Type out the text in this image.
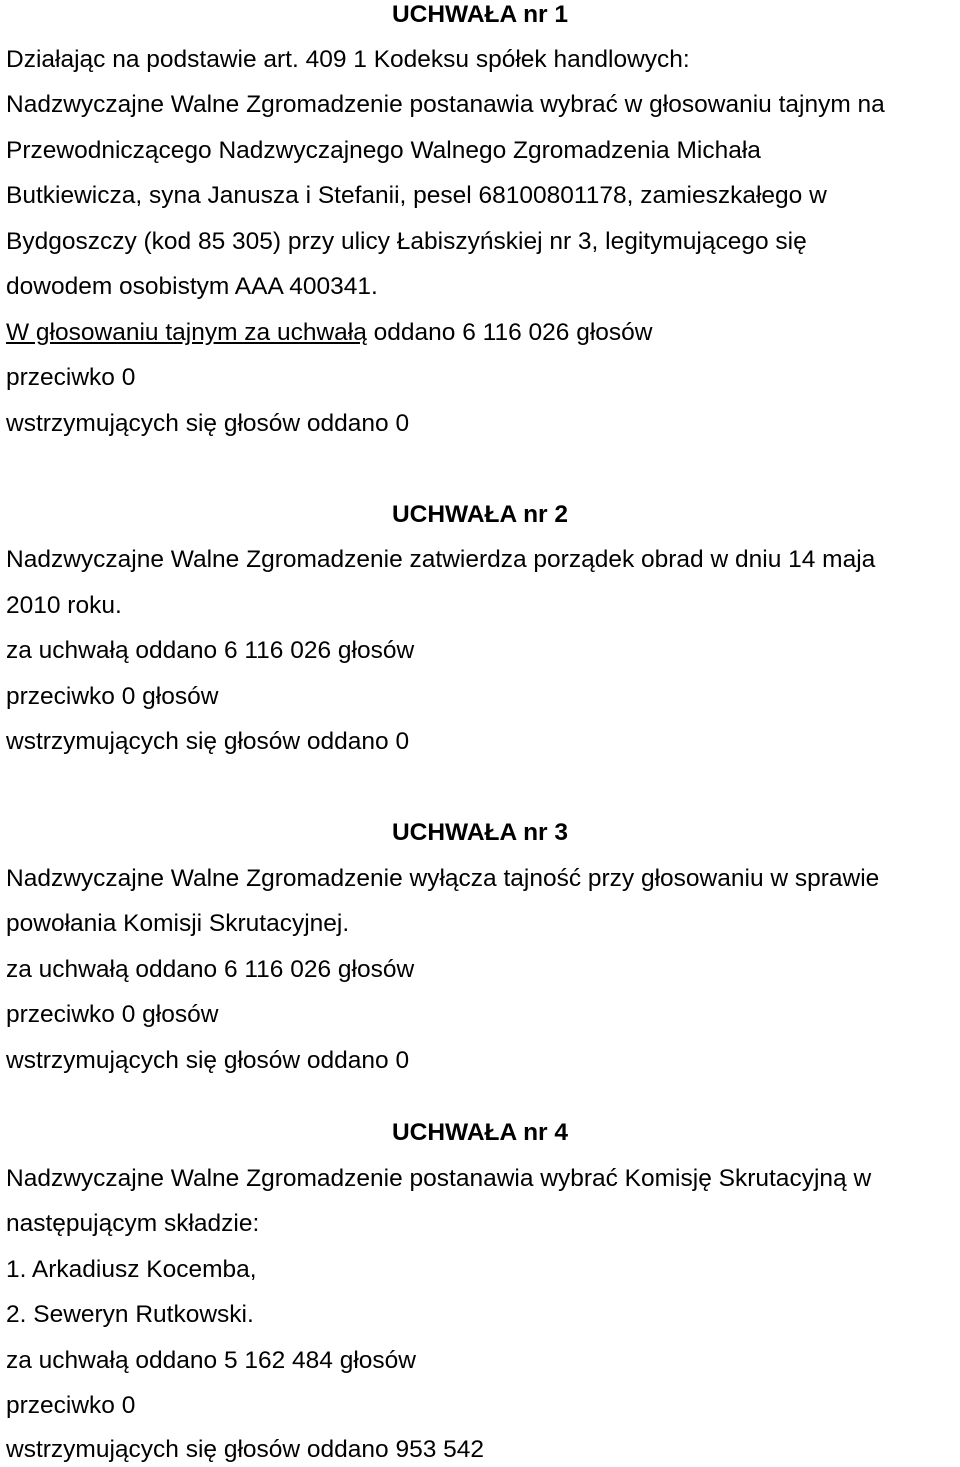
UCHWAŁA nr 1
Działając na podstawie art. 409 1 Kodeksu spółek handlowych:
Nadzwyczajne Walne Zgromadzenie postanawia wybrać w głosowaniu tajnym na
Przewodniczącego Nadzwyczajnego Walnego Zgromadzenia Michała
Butkiewicza, syna Janusza i Stefanii, pesel 68100801178, zamieszkałego w
Bydgoszczy (kod 85 305) przy ulicy Łabiszyńskiej nr 3, legitymującego się
dowodem osobistym AAA 400341.
W głosowaniu tajnym za uchwałą oddano 6 116 026 głosów
przeciwko 0
wstrzymujących się głosów oddano 0
UCHWAŁA nr 2
Nadzwyczajne Walne Zgromadzenie zatwierdza porządek obrad w dniu 14 maja
2010 roku.
za uchwałą oddano 6 116 026 głosów
przeciwko 0 głosów
wstrzymujących się głosów oddano 0
UCHWAŁA nr 3
Nadzwyczajne Walne Zgromadzenie wyłącza tajność przy głosowaniu w sprawie
powołania Komisji Skrutacyjnej.
za uchwałą oddano 6 116 026 głosów
przeciwko 0 głosów
wstrzymujących się głosów oddano 0
UCHWAŁA nr 4
Nadzwyczajne Walne Zgromadzenie postanawia wybrać Komisję Skrutacyjną w
następującym składzie:
1. Arkadiusz Kocemba,
2. Seweryn Rutkowski.
za uchwałą oddano 5 162 484 głosów
przeciwko 0
wstrzymujących się głosów oddano 953 542
